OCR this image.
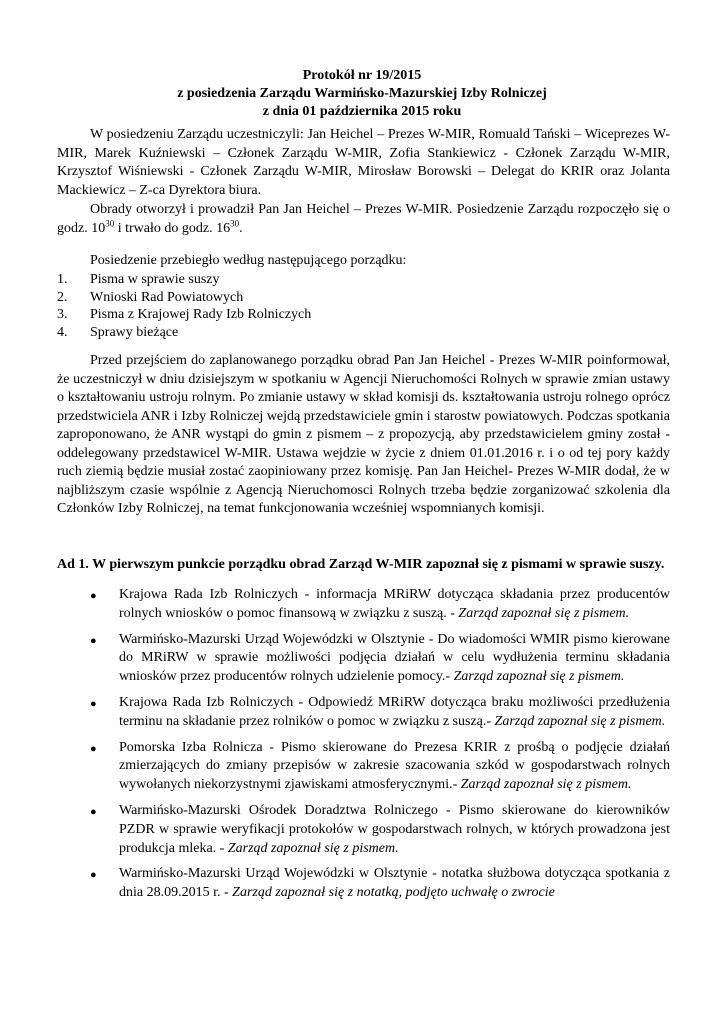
Protokół nr 19/2015
z posiedzenia Zarządu Warmińsko-Mazurskiej Izby Rolniczej
z dnia 01 października 2015 roku

W posiedzeniu Zarządu uczestniczyli: Jan Heichel – Prezes W-MIR, Romuald Tański – Wiceprezes W-MIR, Marek Kuźniewski – Członek Zarządu W-MIR, Zofia Stankiewicz - Członek Zarządu W-MIR, Krzysztof Wiśniewski - Członek Zarządu W-MIR, Mirosław Borowski – Delegat do KRIR oraz Jolanta Mackiewicz – Z-ca Dyrektora biura.

Obrady otworzył i prowadził Pan Jan Heichel – Prezes W-MIR. Posiedzenie Zarządu rozpoczęło się o godz. $10^{30}$ i trwało do godz. $16^{30}$.

Posiedzenie przebiegło według następującego porządku:

1. Pisma w sprawie suszy
2. Wnioski Rad Powiatowych
3. Pisma z Krajowej Rady Izb Rolniczych
4. Sprawy bieżące

Przed przejściem do zaplanowanego porządku obrad Pan Jan Heichel - Prezes W-MIR poinformował, że uczestniczył w dniu dzisiejszym w spotkaniu w Agencji Nieruchomości Rolnych w sprawie zmian ustawy o kształtowaniu ustroju rolnym. Po zmianie ustawy w skład komisji ds. kształtowania ustroju rolnego oprócz przedstwiciela ANR i Izby Rolniczej wejdą przedstawiciele gmin i starostw powiatowych. Podczas spotkania zaproponowano, że ANR wystąpi do gmin z pismem – z propozycją, aby przedstawicielem gminy został -oddelegowany przedstawicel W-MIR. Ustawa wejdzie w życie z dniem 01.01.2016 r. i o od tej pory każdy ruch ziemią będzie musiał zostać zaopiniowany przez komisję. Pan Jan Heichel- Prezes W-MIR dodał, że w najbliższym czasie wspólnie z Agencją Nieruchomosci Rolnych trzeba będzie zorganizować szkolenia dla Członków Izby Rolniczej, na temat funkcjonowania wcześniej wspomnianych komisji.

Ad 1. W pierwszym punkcie porządku obrad Zarząd W-MIR zapoznał się z pismami w sprawie suszy.

● Krajowa Rada Izb Rolniczych - informacja MRiRW dotycząca składania przez producentów rolnych wniosków o pomoc finansową w związku z suszą. - Zarząd zapoznał się z pismem.
● Warmińsko-Mazurski Urząd Wojewódzki w Olsztynie - Do wiadomości WMIR pismo kierowane do MRiRW w sprawie możliwości podjęcia działań w celu wydłużenia terminu składania wniosków przez producentów rolnych udzielenie pomocy.- Zarząd zapoznał się z pismem.
● Krajowa Rada Izb Rolniczych - Odpowiedź MRiRW dotycząca braku możliwości przedłużenia terminu na składanie przez rolników o pomoc w związku z suszą.- Zarząd zapoznał się z pismem.
● Pomorska Izba Rolnicza - Pismo skierowane do Prezesa KRIR z prośbą o podjęcie działań zmierzających do zmiany przepisów w zakresie szacowania szkód w gospodarstwach rolnych wywołanych niekorzystnymi zjawiskami atmosferycznymi.- Zarząd zapoznał się z pismem.
● Warmińsko-Mazurski Ośrodek Doradztwa Rolniczego - Pismo skierowane do kierowników PZDR w sprawie weryfikacji protokołów w gospodarstwach rolnych, w których prowadzona jest produkcja mleka. - Zarząd zapoznał się z pismem.
● Warmińsko-Mazurski Urząd Wojewódzki w Olsztynie - notatka służbowa dotycząca spotkania z dnia 28.09.2015 r. - Zarząd zapoznał się z notatką, podjęto uchwałę o zwrocie
